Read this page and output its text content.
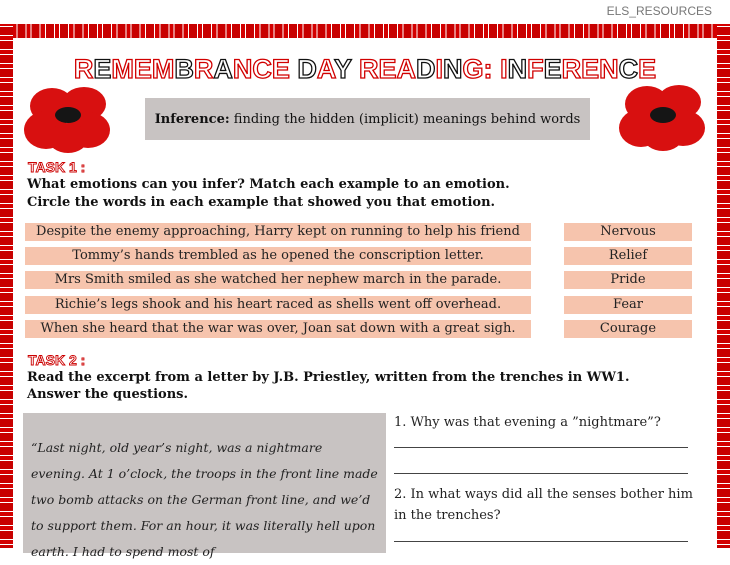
ELS_RESOURCES
REMEMBRANCE DAY READING: INFERENCE
Inference: finding the hidden (implicit) meanings behind words
TASK 1 :
What emotions can you infer? Match each example to an emotion.
Circle the words in each example that showed you that emotion.
Despite the enemy approaching, Harry kept on running to help his friend
Tommy’s hands trembled as he opened the conscription letter.
Mrs Smith smiled as she watched her nephew march in the parade.
Richie’s legs shook and his heart raced as shells went off overhead.
When she heard that the war was over, Joan sat down with a great sigh.
Nervous
Relief
Pride
Fear
Courage
TASK 2 :
Read the excerpt from a letter by J.B. Priestley, written from the trenches in WW1.
Answer the questions.
“Last night, old year’s night, was a nightmare evening. At 1 o’clock, the troops in the front line made two bomb attacks on the German front line, and we’d to support them. For an hour, it was literally hell upon earth. I had to spend most of
1. Why was that evening a ”nightmare”?
2. In what ways did all the senses bother him in the trenches?
